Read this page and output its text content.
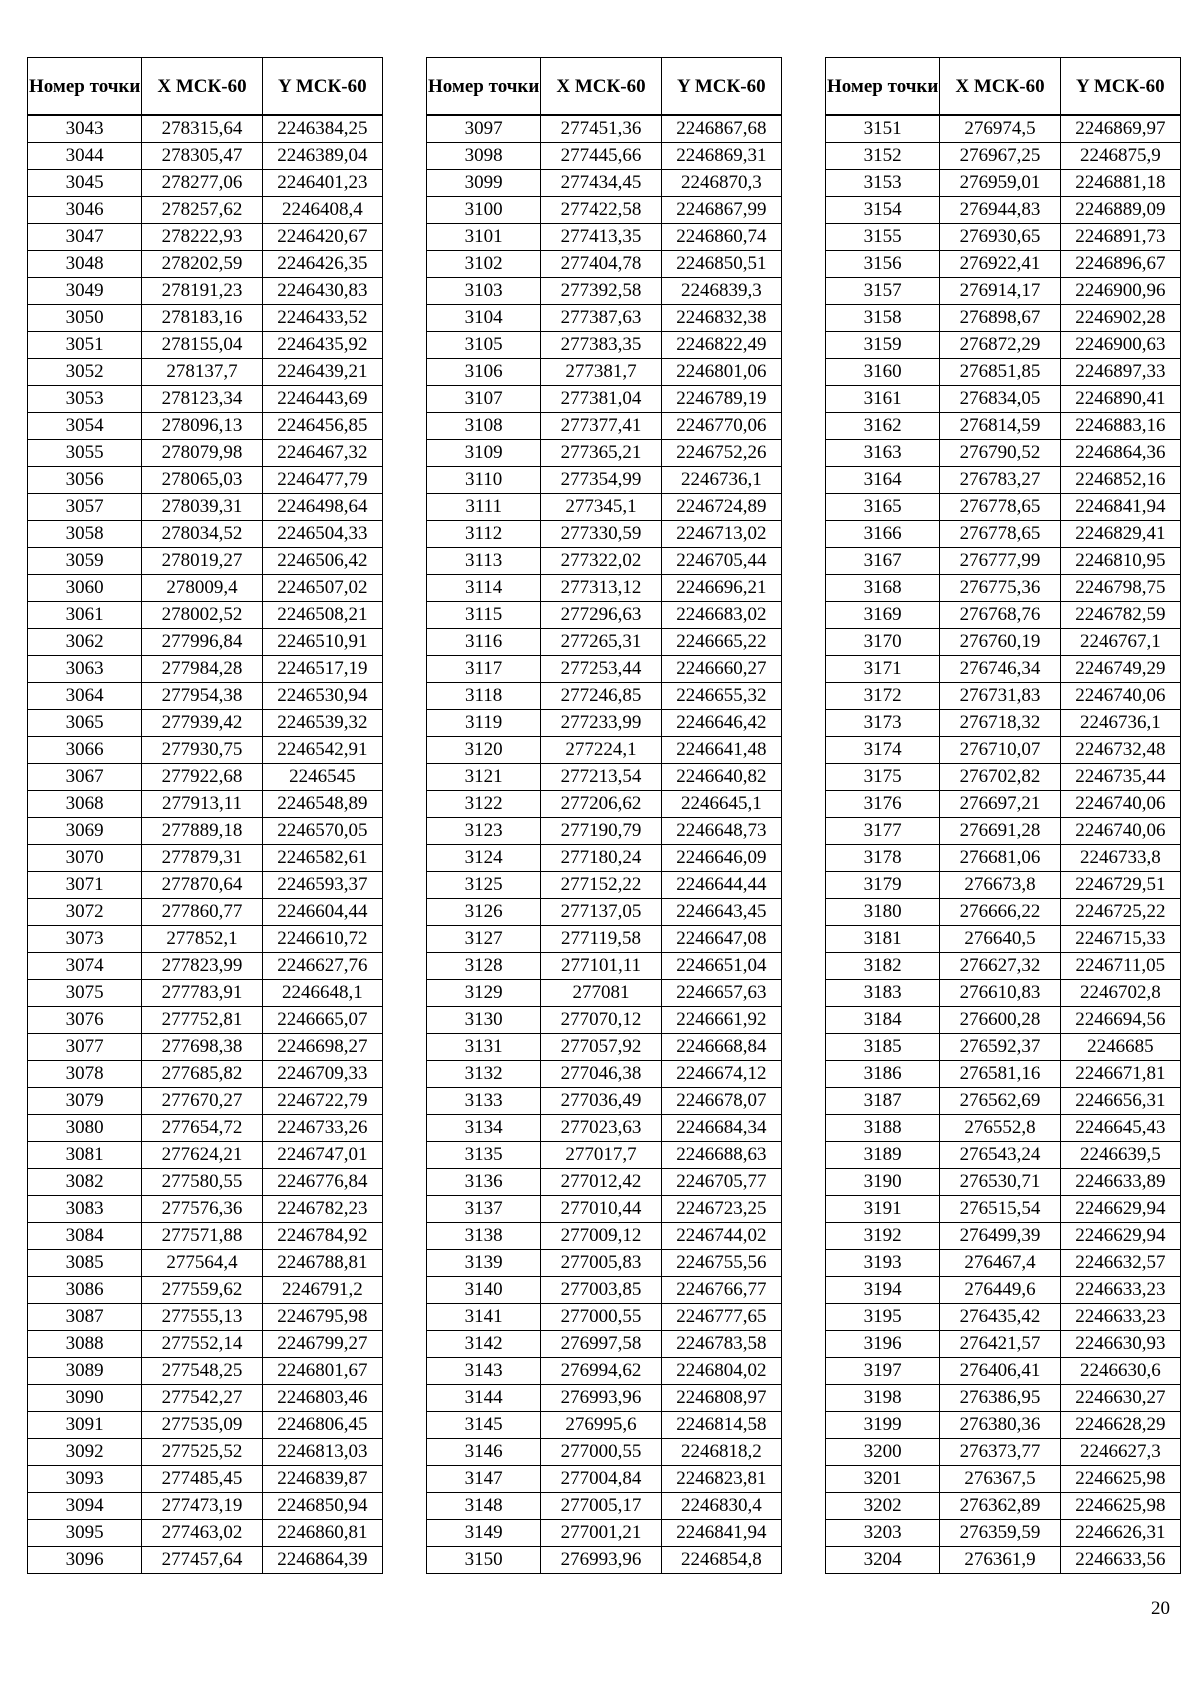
Номер точки	X МСК-60	Y МСК-60
3043	278315,64	2246384,25
3044	278305,47	2246389,04
3045	278277,06	2246401,23
3046	278257,62	2246408,4
3047	278222,93	2246420,67
3048	278202,59	2246426,35
3049	278191,23	2246430,83
3050	278183,16	2246433,52
3051	278155,04	2246435,92
3052	278137,7	2246439,21
3053	278123,34	2246443,69
3054	278096,13	2246456,85
3055	278079,98	2246467,32
3056	278065,03	2246477,79
3057	278039,31	2246498,64
3058	278034,52	2246504,33
3059	278019,27	2246506,42
3060	278009,4	2246507,02
3061	278002,52	2246508,21
3062	277996,84	2246510,91
3063	277984,28	2246517,19
3064	277954,38	2246530,94
3065	277939,42	2246539,32
3066	277930,75	2246542,91
3067	277922,68	2246545
3068	277913,11	2246548,89
3069	277889,18	2246570,05
3070	277879,31	2246582,61
3071	277870,64	2246593,37
3072	277860,77	2246604,44
3073	277852,1	2246610,72
3074	277823,99	2246627,76
3075	277783,91	2246648,1
3076	277752,81	2246665,07
3077	277698,38	2246698,27
3078	277685,82	2246709,33
3079	277670,27	2246722,79
3080	277654,72	2246733,26
3081	277624,21	2246747,01
3082	277580,55	2246776,84
3083	277576,36	2246782,23
3084	277571,88	2246784,92
3085	277564,4	2246788,81
3086	277559,62	2246791,2
3087	277555,13	2246795,98
3088	277552,14	2246799,27
3089	277548,25	2246801,67
3090	277542,27	2246803,46
3091	277535,09	2246806,45
3092	277525,52	2246813,03
3093	277485,45	2246839,87
3094	277473,19	2246850,94
3095	277463,02	2246860,81
3096	277457,64	2246864,39
Номер точки	X МСК-60	Y МСК-60
3097	277451,36	2246867,68
3098	277445,66	2246869,31
3099	277434,45	2246870,3
3100	277422,58	2246867,99
3101	277413,35	2246860,74
3102	277404,78	2246850,51
3103	277392,58	2246839,3
3104	277387,63	2246832,38
3105	277383,35	2246822,49
3106	277381,7	2246801,06
3107	277381,04	2246789,19
3108	277377,41	2246770,06
3109	277365,21	2246752,26
3110	277354,99	2246736,1
3111	277345,1	2246724,89
3112	277330,59	2246713,02
3113	277322,02	2246705,44
3114	277313,12	2246696,21
3115	277296,63	2246683,02
3116	277265,31	2246665,22
3117	277253,44	2246660,27
3118	277246,85	2246655,32
3119	277233,99	2246646,42
3120	277224,1	2246641,48
3121	277213,54	2246640,82
3122	277206,62	2246645,1
3123	277190,79	2246648,73
3124	277180,24	2246646,09
3125	277152,22	2246644,44
3126	277137,05	2246643,45
3127	277119,58	2246647,08
3128	277101,11	2246651,04
3129	277081	2246657,63
3130	277070,12	2246661,92
3131	277057,92	2246668,84
3132	277046,38	2246674,12
3133	277036,49	2246678,07
3134	277023,63	2246684,34
3135	277017,7	2246688,63
3136	277012,42	2246705,77
3137	277010,44	2246723,25
3138	277009,12	2246744,02
3139	277005,83	2246755,56
3140	277003,85	2246766,77
3141	277000,55	2246777,65
3142	276997,58	2246783,58
3143	276994,62	2246804,02
3144	276993,96	2246808,97
3145	276995,6	2246814,58
3146	277000,55	2246818,2
3147	277004,84	2246823,81
3148	277005,17	2246830,4
3149	277001,21	2246841,94
3150	276993,96	2246854,8
Номер точки	X МСК-60	Y МСК-60
3151	276974,5	2246869,97
3152	276967,25	2246875,9
3153	276959,01	2246881,18
3154	276944,83	2246889,09
3155	276930,65	2246891,73
3156	276922,41	2246896,67
3157	276914,17	2246900,96
3158	276898,67	2246902,28
3159	276872,29	2246900,63
3160	276851,85	2246897,33
3161	276834,05	2246890,41
3162	276814,59	2246883,16
3163	276790,52	2246864,36
3164	276783,27	2246852,16
3165	276778,65	2246841,94
3166	276778,65	2246829,41
3167	276777,99	2246810,95
3168	276775,36	2246798,75
3169	276768,76	2246782,59
3170	276760,19	2246767,1
3171	276746,34	2246749,29
3172	276731,83	2246740,06
3173	276718,32	2246736,1
3174	276710,07	2246732,48
3175	276702,82	2246735,44
3176	276697,21	2246740,06
3177	276691,28	2246740,06
3178	276681,06	2246733,8
3179	276673,8	2246729,51
3180	276666,22	2246725,22
3181	276640,5	2246715,33
3182	276627,32	2246711,05
3183	276610,83	2246702,8
3184	276600,28	2246694,56
3185	276592,37	2246685
3186	276581,16	2246671,81
3187	276562,69	2246656,31
3188	276552,8	2246645,43
3189	276543,24	2246639,5
3190	276530,71	2246633,89
3191	276515,54	2246629,94
3192	276499,39	2246629,94
3193	276467,4	2246632,57
3194	276449,6	2246633,23
3195	276435,42	2246633,23
3196	276421,57	2246630,93
3197	276406,41	2246630,6
3198	276386,95	2246630,27
3199	276380,36	2246628,29
3200	276373,77	2246627,3
3201	276367,5	2246625,98
3202	276362,89	2246625,98
3203	276359,59	2246626,31
3204	276361,9	2246633,56
20
